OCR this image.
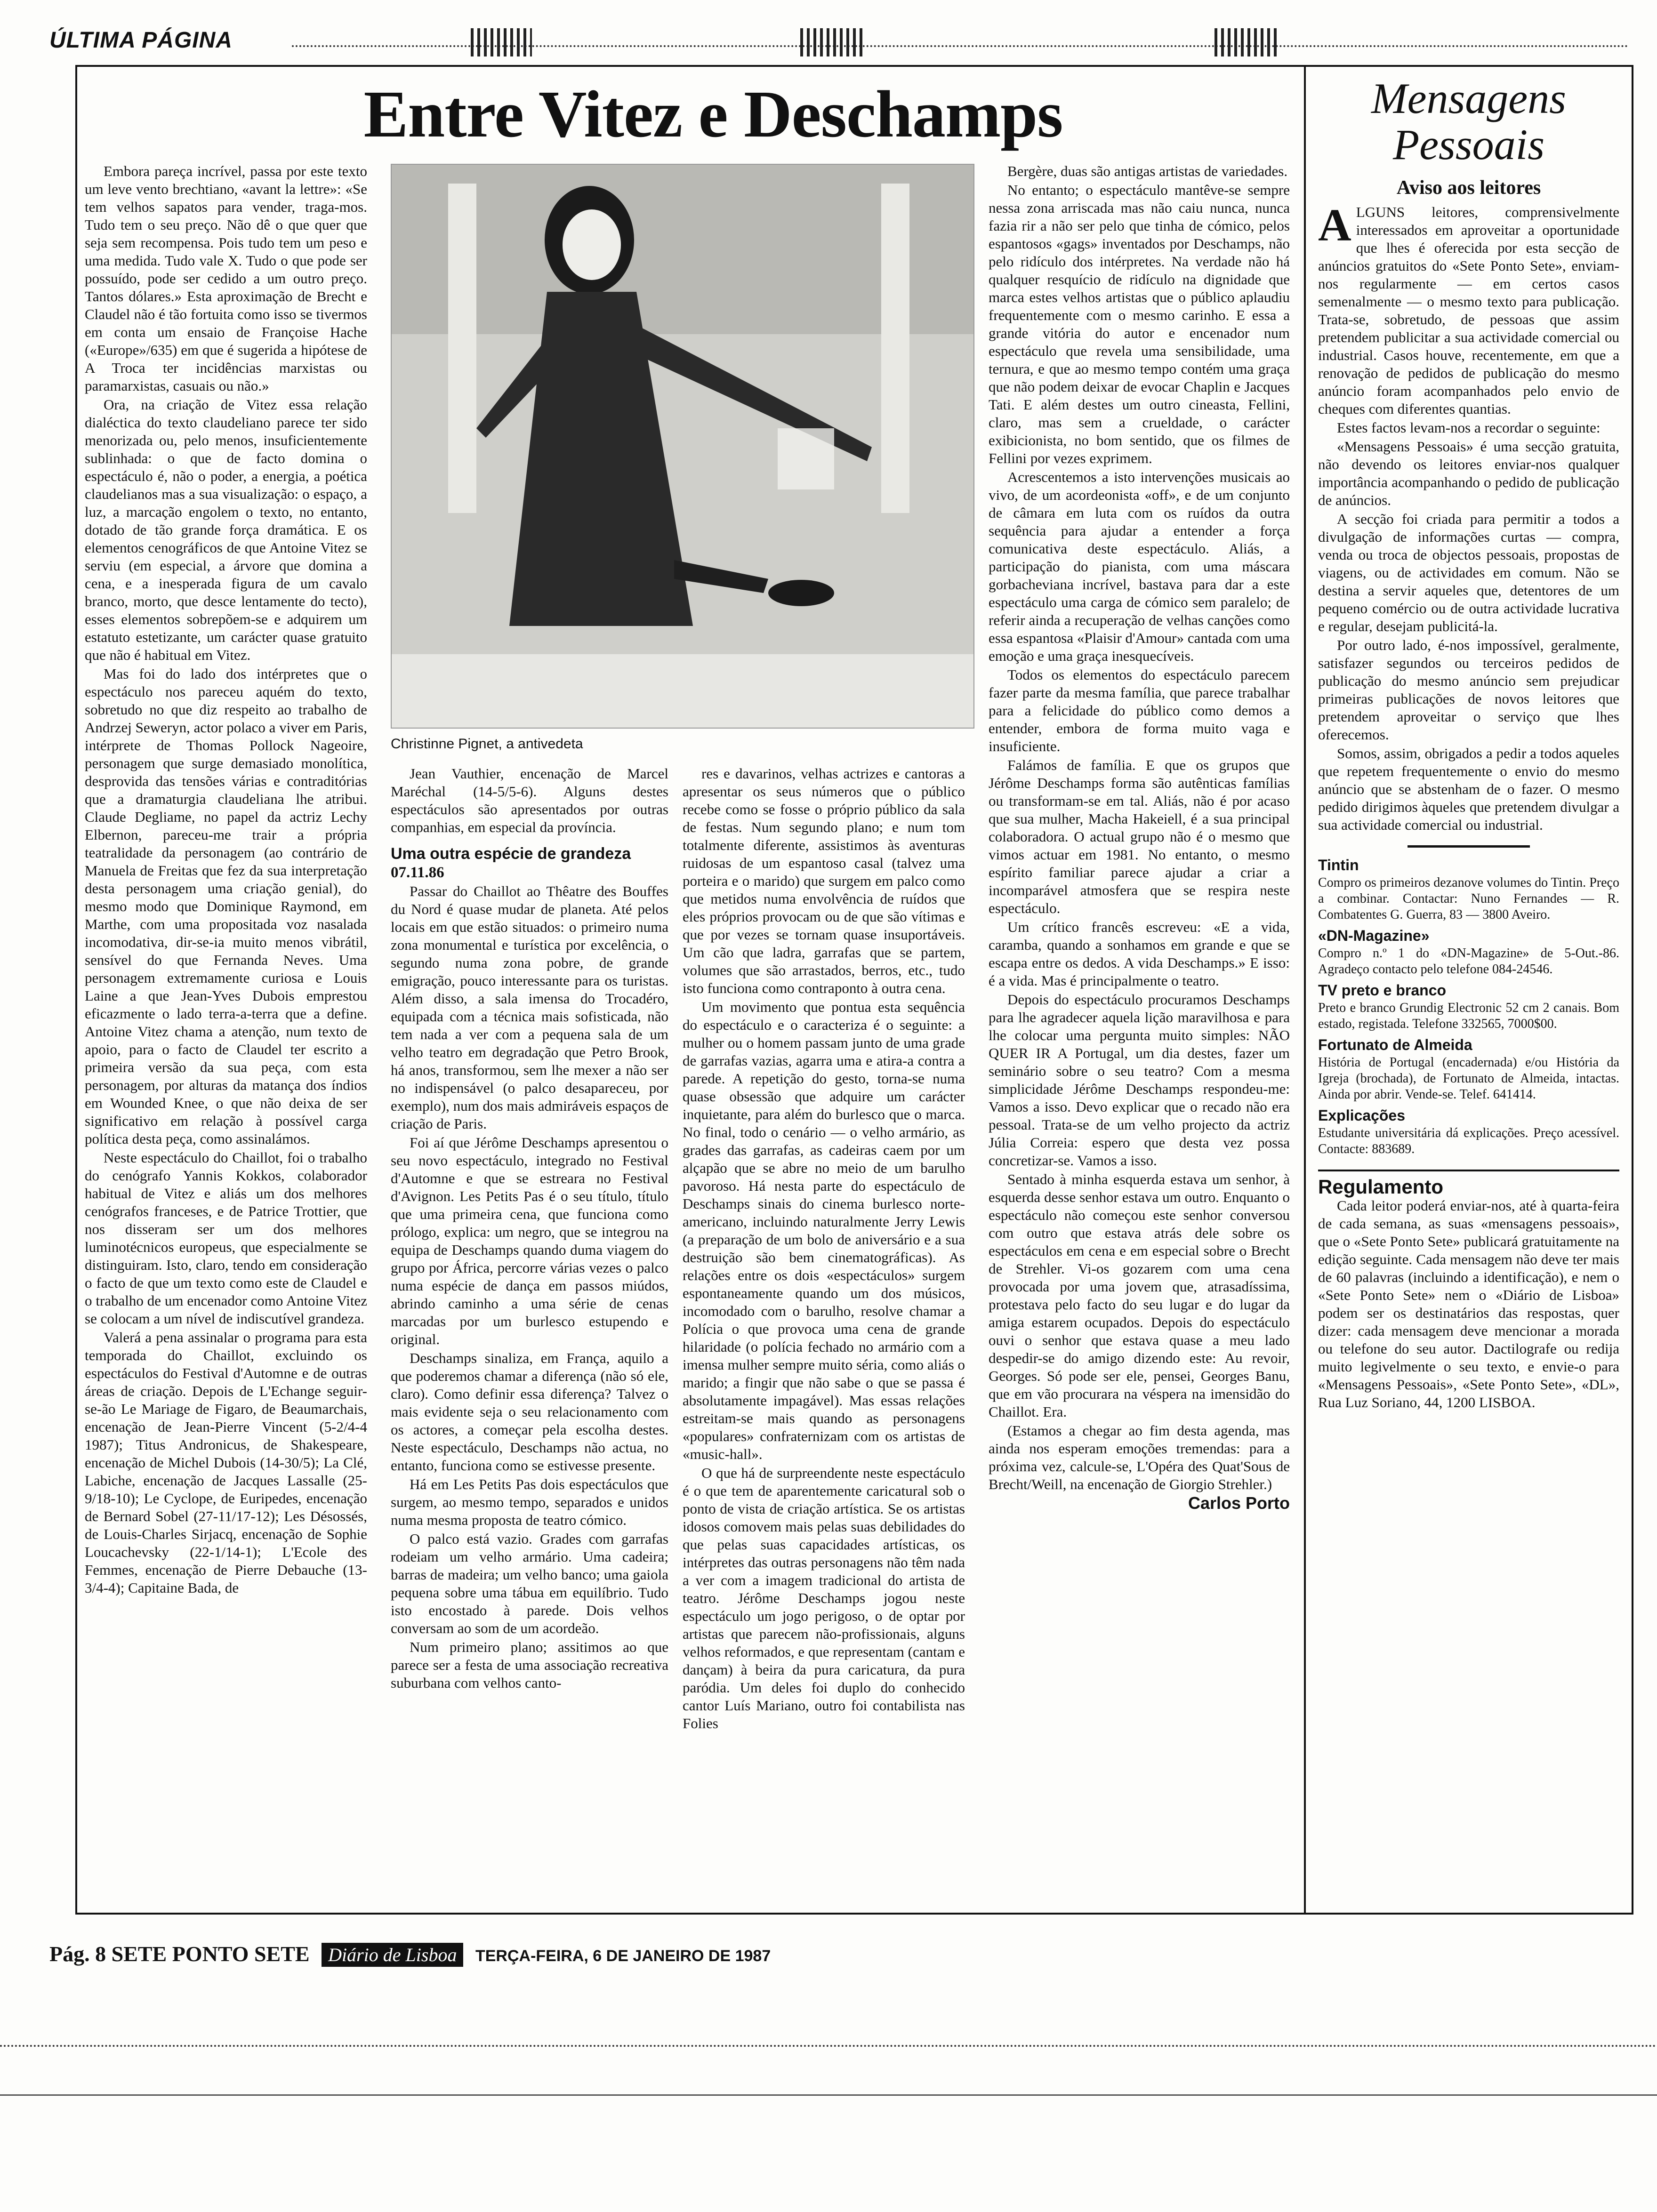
ÚLTIMA PÁGINA
Entre Vitez e Deschamps
Christinne Pignet, a antivedeta

Embora pareça incrível, passa por este texto um leve vento brechtiano, «avant la lettre»: «Se tem velhos sapatos para vender, traga-mos. Tudo tem o seu preço. Não dê o que quer que seja sem recompensa. Pois tudo tem um peso e uma medida. Tudo vale X. Tudo o que pode ser possuído, pode ser cedido a um outro preço. Tantos dólares.» Esta aproximação de Brecht e Claudel não é tão fortuita como isso se tivermos em conta um ensaio de Françoise Hache («Europe»/635) em que é sugerida a hipótese de A Troca ter incidências marxistas ou paramarxistas, casuais ou não.»

Ora, na criação de Vitez essa relação dialéctica do texto claudeliano parece ter sido menorizada ou, pelo menos, insuficientemente sublinhada: o que de facto domina o espectáculo é, não o poder, a energia, a poética claudelianos mas a sua visualização: o espaço, a luz, a marcação engolem o texto, no entanto, dotado de tão grande força dramática. E os elementos cenográficos de que Antoine Vitez se serviu (em especial, a árvore que domina a cena, e a inesperada figura de um cavalo branco, morto, que desce lentamente do tecto), esses elementos sobrepõem-se e adquirem um estatuto estetizante, um carácter quase gratuito que não é habitual em Vitez.

Mas foi do lado dos intérpretes que o espectáculo nos pareceu aquém do texto, sobretudo no que diz respeito ao trabalho de Andrzej Seweryn, actor polaco a viver em Paris, intérprete de Thomas Pollock Nageoire, personagem que surge demasiado monolítica, desprovida das tensões várias e contraditórias que a dramaturgia claudeliana lhe atribui. Claude Degliame, no papel da actriz Lechy Elbernon, pareceu-me trair a própria teatralidade da personagem (ao contrário de Manuela de Freitas que fez da sua interpretação desta personagem uma criação genial), do mesmo modo que Dominique Raymond, em Marthe, com uma propositada voz nasalada incomodativa, dir-se-ia muito menos vibrátil, sensível do que Fernanda Neves. Uma personagem extremamente curiosa e Louis Laine a que Jean-Yves Dubois emprestou eficazmente o lado terra-a-terra que a define. Antoine Vitez chama a atenção, num texto de apoio, para o facto de Claudel ter escrito a primeira versão da sua peça, com esta personagem, por alturas da matança dos índios em Wounded Knee, o que não deixa de ser significativo em relação à possível carga política desta peça, como assinalámos.

Neste espectáculo do Chaillot, foi o trabalho do cenógrafo Yannis Kokkos, colaborador habitual de Vitez e aliás um dos melhores cenógrafos franceses, e de Patrice Trottier, que nos disseram ser um dos melhores luminotécnicos europeus, que especialmente se distinguiram. Isto, claro, tendo em consideração o facto de que um texto como este de Claudel e o trabalho de um encenador como Antoine Vitez se colocam a um nível de indiscutível grandeza.

Valerá a pena assinalar o programa para esta temporada do Chaillot, excluindo os espectáculos do Festival d'Automne e de outras áreas de criação. Depois de L'Echange seguir-se-ão Le Mariage de Figaro, de Beaumarchais, encenação de Jean-Pierre Vincent (5-2/4-4 1987); Titus Andronicus, de Shakespeare, encenação de Michel Dubois (14-30/5); La Clé, Labiche, encenação de Jacques Lassalle (25-9/18-10); Le Cyclope, de Euripedes, encenação de Bernard Sobel (27-11/17-12); Les Désossés, de Louis-Charles Sirjacq, encenação de Sophie Loucachevsky (22-1/14-1); L'Ecole des Femmes, encenação de Pierre Debauche (13-3/4-4); Capitaine Bada, de

Jean Vauthier, encenação de Marcel Maréchal (14-5/5-6). Alguns destes espectáculos são apresentados por outras companhias, em especial da província.

Uma outra espécie de grandeza

07.11.86

Passar do Chaillot ao Thêatre des Bouffes du Nord é quase mudar de planeta. Até pelos locais em que estão situados: o primeiro numa zona monumental e turística por excelência, o segundo numa zona pobre, de grande emigração, pouco interessante para os turistas. Além disso, a sala imensa do Trocadéro, equipada com a técnica mais sofisticada, não tem nada a ver com a pequena sala de um velho teatro em degradação que Petro Brook, há anos, transformou, sem lhe mexer a não ser no indispensável (o palco desapareceu, por exemplo), num dos mais admiráveis espaços de criação de Paris.

Foi aí que Jérôme Deschamps apresentou o seu novo espectáculo, integrado no Festival d'Automne e que se estreara no Festival d'Avignon. Les Petits Pas é o seu título, título que uma primeira cena, que funciona como prólogo, explica: um negro, que se integrou na equipa de Deschamps quando duma viagem do grupo por África, percorre várias vezes o palco numa espécie de dança em passos miúdos, abrindo caminho a uma série de cenas marcadas por um burlesco estupendo e original.

Deschamps sinaliza, em França, aquilo a que poderemos chamar a diferença (não só ele, claro). Como definir essa diferença? Talvez o mais evidente seja o seu relacionamento com os actores, a começar pela escolha destes. Neste espectáculo, Deschamps não actua, no entanto, funciona como se estivesse presente.

Há em Les Petits Pas dois espectáculos que surgem, ao mesmo tempo, separados e unidos numa mesma proposta de teatro cómico.

O palco está vazio. Grades com garrafas rodeiam um velho armário. Uma cadeira; barras de madeira; um velho banco; uma gaiola pequena sobre uma tábua em equilíbrio. Tudo isto encostado à parede. Dois velhos conversam ao som de um acordeão.

Num primeiro plano; assitimos ao que parece ser a festa de uma associação recreativa suburbana com velhos canto-

res e davarinos, velhas actrizes e cantoras a apresentar os seus números que o público recebe como se fosse o próprio público da sala de festas. Num segundo plano; e num tom totalmente diferente, assistimos às aventuras ruidosas de um espantoso casal (talvez uma porteira e o marido) que surgem em palco como que metidos numa envolvência de ruídos que eles próprios provocam ou de que são vítimas e que por vezes se tornam quase insuportáveis. Um cão que ladra, garrafas que se partem, volumes que são arrastados, berros, etc., tudo isto funciona como contraponto à outra cena.

Um movimento que pontua esta sequência do espectáculo e o caracteriza é o seguinte: a mulher ou o homem passam junto de uma grade de garrafas vazias, agarra uma e atira-a contra a parede. A repetição do gesto, torna-se numa quase obsessão que adquire um carácter inquietante, para além do burlesco que o marca. No final, todo o cenário — o velho armário, as grades das garrafas, as cadeiras caem por um alçapão que se abre no meio de um barulho pavoroso. Há nesta parte do espectáculo de Deschamps sinais do cinema burlesco norte-americano, incluindo naturalmente Jerry Lewis (a preparação de um bolo de aniversário e a sua destruição são bem cinematográficas). As relações entre os dois «espectáculos» surgem espontaneamente quando um dos músicos, incomodado com o barulho, resolve chamar a Polícia o que provoca uma cena de grande hilaridade (o polícia fechado no armário com a imensa mulher sempre muito séria, como aliás o marido; a fingir que não sabe o que se passa é absolutamente impagável). Mas essas relações estreitam-se mais quando as personagens «populares» confraternizam com os artistas de «music-hall».

O que há de surpreendente neste espectáculo é o que tem de aparentemente caricatural sob o ponto de vista de criação artística. Se os artistas idosos comovem mais pelas suas debilidades do que pelas suas capacidades artísticas, os intérpretes das outras personagens não têm nada a ver com a imagem tradicional do artista de teatro. Jérôme Deschamps jogou neste espectáculo um jogo perigoso, o de optar por artistas que parecem não-profissionais, alguns velhos reformados, e que representam (cantam e dançam) à beira da pura caricatura, da pura paródia. Um deles foi duplo do conhecido cantor Luís Mariano, outro foi contabilista nas Folies

Bergère, duas são antigas artistas de variedades.

No entanto; o espectáculo mantêve-se sempre nessa zona arriscada mas não caiu nunca, nunca fazia rir a não ser pelo que tinha de cómico, pelos espantosos «gags» inventados por Deschamps, não pelo ridículo dos intérpretes. Na verdade não há qualquer resquício de ridículo na dignidade que marca estes velhos artistas que o público aplaudiu frequentemente com o mesmo carinho. E essa a grande vitória do autor e encenador num espectáculo que revela uma sensibilidade, uma ternura, e que ao mesmo tempo contém uma graça que não podem deixar de evocar Chaplin e Jacques Tati. E além destes um outro cineasta, Fellini, claro, mas sem a crueldade, o carácter exibicionista, no bom sentido, que os filmes de Fellini por vezes exprimem.

Acrescentemos a isto intervenções musicais ao vivo, de um acordeonista «off», e de um conjunto de câmara em luta com os ruídos da outra sequência para ajudar a entender a força comunicativa deste espectáculo. Aliás, a participação do pianista, com uma máscara gorbacheviana incrível, bastava para dar a este espectáculo uma carga de cómico sem paralelo; de referir ainda a recuperação de velhas canções como essa espantosa «Plaisir d'Amour» cantada com uma emoção e uma graça inesquecíveis.

Todos os elementos do espectáculo parecem fazer parte da mesma família, que parece trabalhar para a felicidade do público como demos a entender, embora de forma muito vaga e insuficiente.

Falámos de família. E que os grupos que Jérôme Deschamps forma são autênticas famílias ou transformam-se em tal. Aliás, não é por acaso que sua mulher, Macha Hakeiell, é a sua principal colaboradora. O actual grupo não é o mesmo que vimos actuar em 1981. No entanto, o mesmo espírito familiar parece ajudar a criar a incomparável atmosfera que se respira neste espectáculo.

Um crítico francês escreveu: «E a vida, caramba, quando a sonhamos em grande e que se escapa entre os dedos. A vida Deschamps.» E isso: é a vida. Mas é principalmente o teatro.

Depois do espectáculo procuramos Deschamps para lhe agradecer aquela lição maravilhosa e para lhe colocar uma pergunta muito simples: NÃO QUER IR A Portugal, um dia destes, fazer um seminário sobre o seu teatro? Com a mesma simplicidade Jérôme Deschamps respondeu-me: Vamos a isso. Devo explicar que o recado não era pessoal. Trata-se de um velho projecto da actriz Júlia Correia: espero que desta vez possa concretizar-se. Vamos a isso.

Sentado à minha esquerda estava um senhor, à esquerda desse senhor estava um outro. Enquanto o espectáculo não começou este senhor conversou com outro que estava atrás dele sobre os espectáculos em cena e em especial sobre o Brecht de Strehler. Vi-os gozarem com uma cena provocada por uma jovem que, atrasadíssima, protestava pelo facto do seu lugar e do lugar da amiga estarem ocupados. Depois do espectáculo ouvi o senhor que estava quase a meu lado despedir-se do amigo dizendo este: Au revoir, Georges. Só pode ser ele, pensei, Georges Banu, que em vão procurara na véspera na imensidão do Chaillot. Era.

(Estamos a chegar ao fim desta agenda, mas ainda nos esperam emoções tremendas: para a próxima vez, calcule-se, L'Opéra des Quat'Sous de Brecht/Weill, na encenação de Giorgio Strehler.)

Carlos Porto

Mensagens Pessoais
Aviso aos leitores

ALGUNS leitores, comprensivelmente interessados em aproveitar a oportunidade que lhes é oferecida por esta secção de anúncios gratuitos do «Sete Ponto Sete», enviam-nos regularmente — em certos casos semenalmente — o mesmo texto para publicação. Trata-se, sobretudo, de pessoas que assim pretendem publicitar a sua actividade comercial ou industrial. Casos houve, recentemente, em que a renovação de pedidos de publicação do mesmo anúncio foram acompanhados pelo envio de cheques com diferentes quantias.

Estes factos levam-nos a recordar o seguinte:

«Mensagens Pessoais» é uma secção gratuita, não devendo os leitores enviar-nos qualquer importância acompanhando o pedido de publicação de anúncios.

A secção foi criada para permitir a todos a divulgação de informações curtas — compra, venda ou troca de objectos pessoais, propostas de viagens, ou de actividades em comum. Não se destina a servir aqueles que, detentores de um pequeno comércio ou de outra actividade lucrativa e regular, desejam publicitá-la.

Por outro lado, é-nos impossível, geralmente, satisfazer segundos ou terceiros pedidos de publicação do mesmo anúncio sem prejudicar primeiras publicações de novos leitores que pretendem aproveitar o serviço que lhes oferecemos.

Somos, assim, obrigados a pedir a todos aqueles que repetem frequentemente o envio do mesmo anúncio que se abstenham de o fazer. O mesmo pedido dirigimos àqueles que pretendem divulgar a sua actividade comercial ou industrial.

Tintin

Compro os primeiros dezanove volumes do Tintin. Preço a combinar. Contactar: Nuno Fernandes — R. Combatentes G. Guerra, 83 — 3800 Aveiro.

«DN-Magazine»

Compro n.º 1 do «DN-Magazine» de 5-Out.-86. Agradeço contacto pelo telefone 084-24546.

TV preto e branco

Preto e branco Grundig Electronic 52 cm 2 canais. Bom estado, registada. Telefone 332565, 7000$00.

Fortunato de Almeida

História de Portugal (encadernada) e/ou História da Igreja (brochada), de Fortunato de Almeida, intactas. Ainda por abrir. Vende-se. Telef. 641414.

Explicações

Estudante universitária dá explicações. Preço acessível. Contacte: 883689.

Regulamento

Cada leitor poderá enviar-nos, até à quarta-feira de cada semana, as suas «mensagens pessoais», que o «Sete Ponto Sete» publicará gratuitamente na edição seguinte. Cada mensagem não deve ter mais de 60 palavras (incluindo a identificação), e nem o «Sete Ponto Sete» nem o «Diário de Lisboa» podem ser os destinatários das respostas, quer dizer: cada mensagem deve mencionar a morada ou telefone do seu autor. Dactilografe ou redija muito legivelmente o seu texto, e envie-o para «Mensagens Pessoais», «Sete Ponto Sete», «DL», Rua Luz Soriano, 44, 1200 LISBOA.

Pág. 8 SETE PONTO SETE Diário de Lisboa TERÇA-FEIRA, 6 DE JANEIRO DE 1987
